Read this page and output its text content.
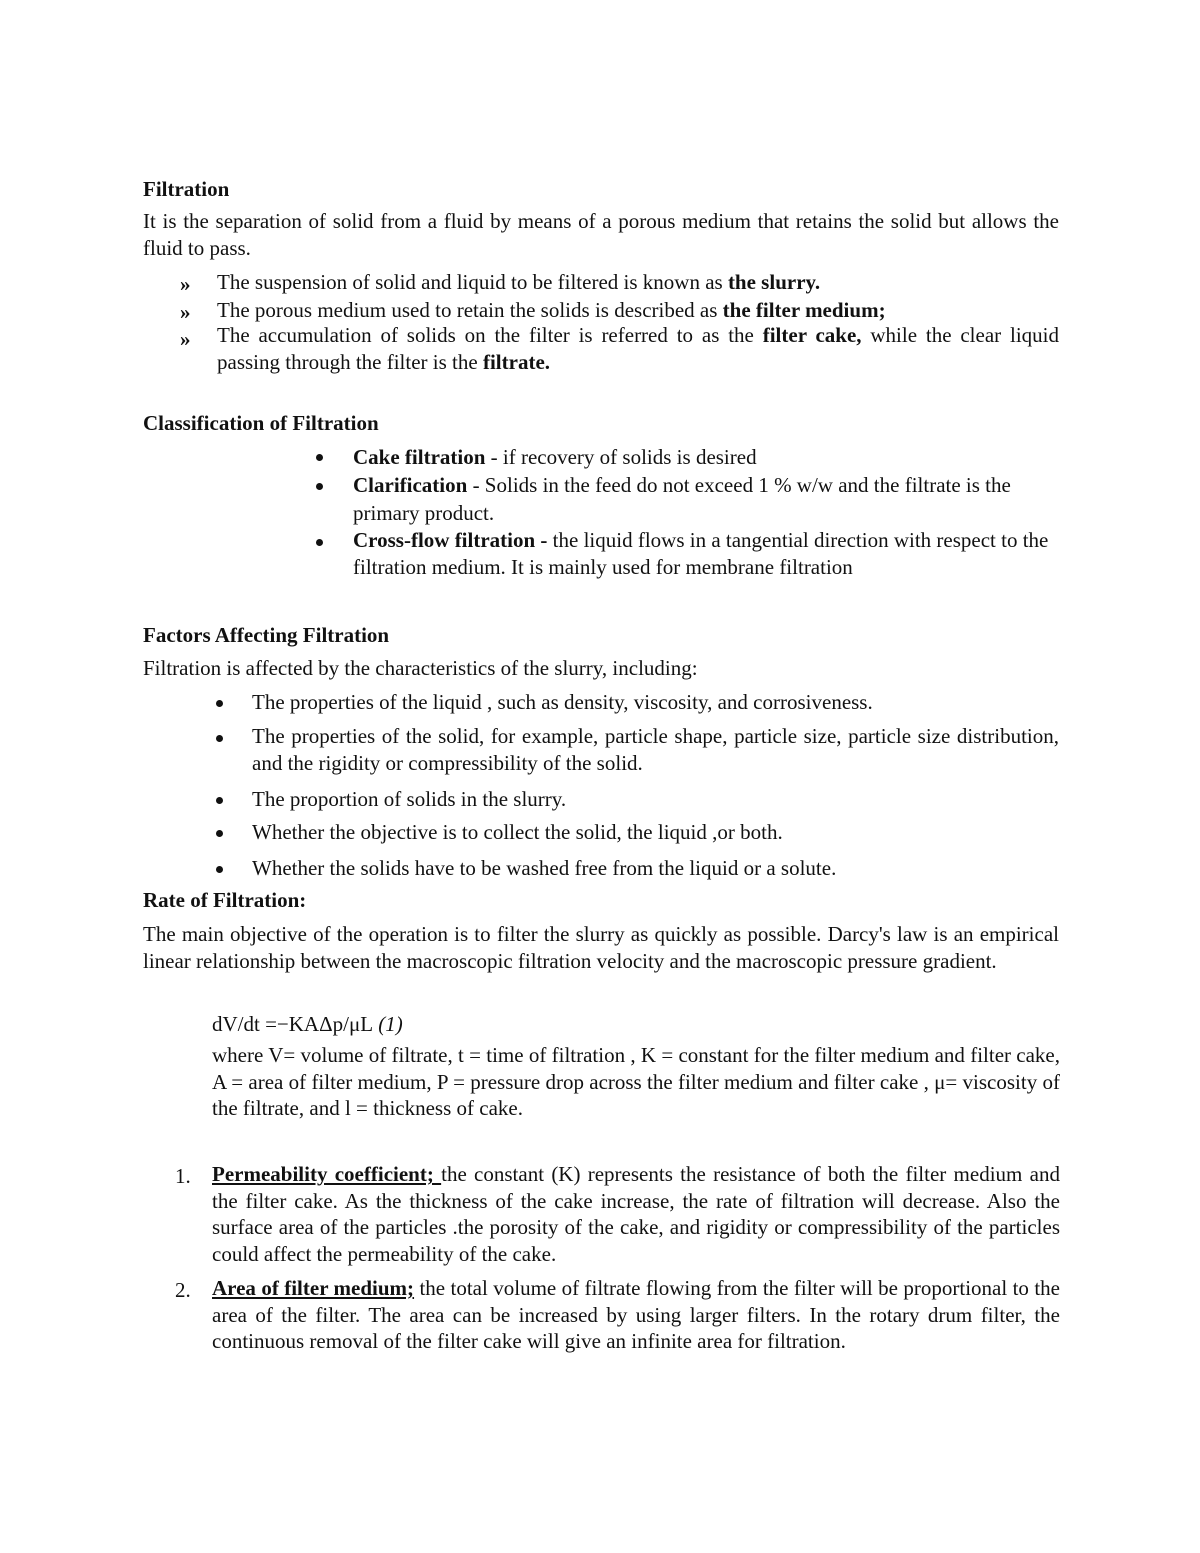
Filtration
It is the separation of solid from a fluid by means of a porous medium that retains the solid but allows the fluid to pass.
» The suspension of solid and liquid to be filtered is known as the slurry.
» The porous medium used to retain the solids is described as the filter medium;
» The accumulation of solids on the filter is referred to as the filter cake, while the clear liquid passing through the filter is the filtrate.
Classification of Filtration
Cake filtration - if recovery of solids is desired
Clarification - Solids in the feed do not exceed 1 % w/w and the filtrate is the primary product.
Cross-flow filtration - the liquid flows in a tangential direction with respect to the filtration medium. It is mainly used for membrane filtration
Factors Affecting Filtration
Filtration is affected by the characteristics of the slurry, including:
The properties of the liquid , such as density, viscosity, and corrosiveness.
The properties of the solid, for example, particle shape, particle size, particle size distribution, and the rigidity or compressibility of the solid.
The proportion of solids in the slurry.
Whether the objective is to collect the solid, the liquid ,or both.
Whether the solids have to be washed free from the liquid or a solute.
Rate of Filtration:
The main objective of the operation is to filter the slurry as quickly as possible. Darcy's law is an empirical linear relationship between the macroscopic filtration velocity and the macroscopic pressure gradient.
dV/dt =−KAΔp/μL (1)
where V= volume of filtrate, t = time of filtration , K = constant for the filter medium and filter cake, A = area of filter medium, P = pressure drop across the filter medium and filter cake , μ= viscosity of the filtrate, and l = thickness of cake.
1. Permeability coefficient; the constant (K) represents the resistance of both the filter medium and the filter cake. As the thickness of the cake increase, the rate of filtration will decrease. Also the surface area of the particles .the porosity of the cake, and rigidity or compressibility of the particles could affect the permeability of the cake.
2. Area of filter medium; the total volume of filtrate flowing from the filter will be proportional to the area of the filter. The area can be increased by using larger filters. In the rotary drum filter, the continuous removal of the filter cake will give an infinite area for filtration.
